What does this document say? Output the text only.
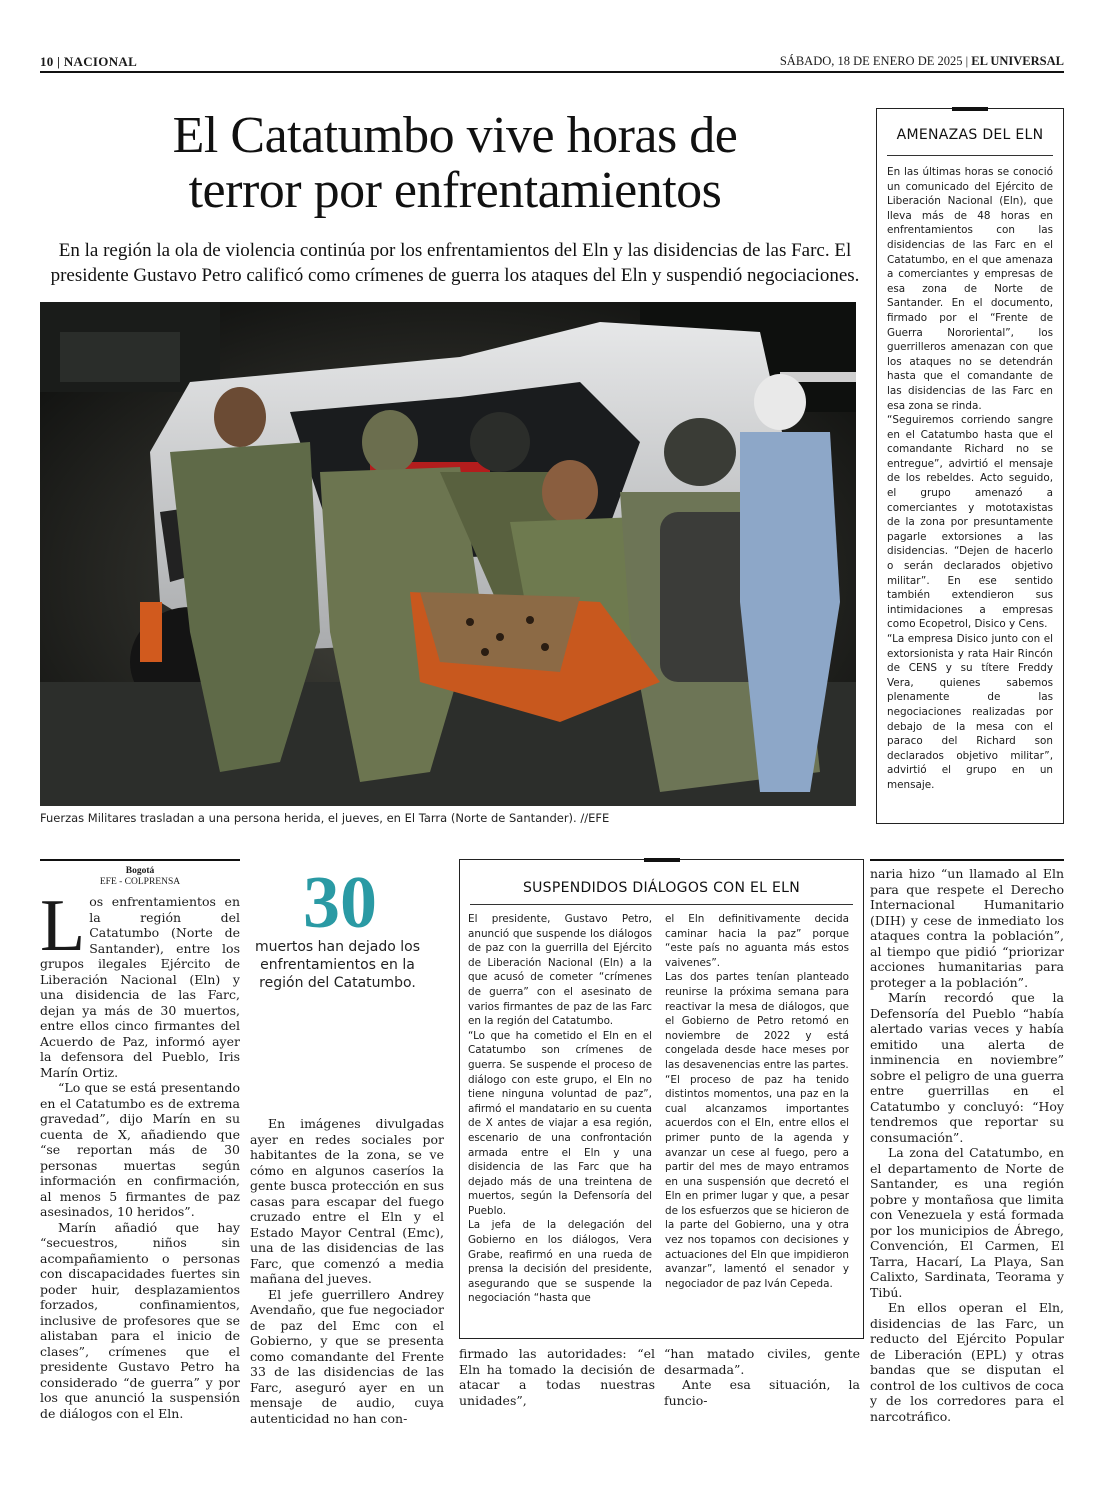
10 | NACIONAL	SÁBADO, 18 DE ENERO DE 2025 | EL UNIVERSAL
El Catatumbo vive horas de
terror por enfrentamientos
En la región la ola de violencia continúa por los enfrentamientos del Eln y las disidencias de las Farc. El
presidente Gustavo Petro calificó como crímenes de guerra los ataques del Eln y suspendió negociaciones.
Fuerzas Militares trasladan a una persona herida, el jueves, en El Tarra (Norte de Santander). //EFE
AMENAZAS DEL ELN

En las últimas horas se conoció un comunicado del Ejército de Liberación Nacional (Eln), que lleva más de 48 horas en enfrentamientos con las disidencias de las Farc en el Catatumbo, en el que amenaza a comerciantes y empresas de esa zona de Norte de Santander. En el documento, firmado por el “Frente de Guerra Nororiental”, los guerrilleros amenazan con que los ataques no se detendrán hasta que el comandante de las disidencias de las Farc en esa zona se rinda.

“Seguiremos corriendo sangre en el Catatumbo hasta que el comandante Richard no se entregue”, advirtió el mensaje de los rebeldes. Acto seguido, el grupo amenazó a comerciantes y mototaxistas de la zona por presuntamente pagarle extorsiones a las disidencias. “Dejen de hacerlo o serán declarados objetivo militar”. En ese sentido también extendieron sus intimidaciones a empresas como Ecopetrol, Disico y Cens.

“La empresa Disico junto con el extorsionista y rata Hair Rincón de CENS y su títere Freddy Vera, quienes sabemos plenamente de las negociaciones realizadas por debajo de la mesa con el paraco del Richard son declarados objetivo militar”, advirtió el grupo en un mensaje.

Bogotá
EFE - COLPRENSA

Los enfrentamientos en la región del Catatumbo (Norte de Santander), entre los grupos ilegales Ejército de Liberación Nacional (Eln) y una disidencia de las Farc, dejan ya más de 30 muertos, entre ellos cinco firmantes del Acuerdo de Paz, informó ayer la defensora del Pueblo, Iris Marín Ortiz.

“Lo que se está presentando en el Catatumbo es de extrema gravedad”, dijo Marín en su cuenta de X, añadiendo que “se reportan más de 30 personas muertas según información en confirmación, al menos 5 firmantes de paz asesinados, 10 heridos”.

Marín añadió que hay “secuestros, niños sin acompañamiento o personas con discapacidades fuertes sin poder huir, desplazamientos forzados, confinamientos, inclusive de profesores que se alistaban para el inicio de clases”, crímenes que el presidente Gustavo Petro ha considerado “de guerra” y por los que anunció la suspensión de diálogos con el Eln.

30
muertos han dejado los enfrentamientos en la región del Catatumbo.

En imágenes divulgadas ayer en redes sociales por habitantes de la zona, se ve cómo en algunos caseríos la gente busca protección en sus casas para escapar del fuego cruzado entre el Eln y el Estado Mayor Central (Emc), una de las disidencias de las Farc, que comenzó a media mañana del jueves.

El jefe guerrillero Andrey Avendaño, que fue negociador de paz del Emc con el Gobierno, y que se presenta como comandante del Frente 33 de las disidencias de las Farc, aseguró ayer en un mensaje de audio, cuya autenticidad no han con-

SUSPENDIDOS DIÁLOGOS CON EL ELN

El presidente, Gustavo Petro, anunció que suspende los diálogos de paz con la guerrilla del Ejército de Liberación Nacional (Eln) a la que acusó de cometer “crímenes de guerra” con el asesinato de varios firmantes de paz de las Farc en la región del Catatumbo.

“Lo que ha cometido el Eln en el Catatumbo son crímenes de guerra. Se suspende el proceso de diálogo con este grupo, el Eln no tiene ninguna voluntad de paz”, afirmó el mandatario en su cuenta de X antes de viajar a esa región, escenario de una confrontación armada entre el Eln y una disidencia de las Farc que ha dejado más de una treintena de muertos, según la Defensoría del Pueblo.

La jefa de la delegación del Gobierno en los diálogos, Vera Grabe, reafirmó en una rueda de prensa la decisión del presidente, asegurando que se suspende la negociación “hasta que

el Eln definitivamente decida caminar hacia la paz” porque “este país no aguanta más estos vaivenes”.

Las dos partes tenían planteado reunirse la próxima semana para reactivar la mesa de diálogos, que el Gobierno de Petro retomó en noviembre de 2022 y está congelada desde hace meses por las desavenencias entre las partes.

“El proceso de paz ha tenido distintos momentos, una paz en la cual alcanzamos importantes acuerdos con el Eln, entre ellos el primer punto de la agenda y avanzar un cese al fuego, pero a partir del mes de mayo entramos en una suspensión que decretó el Eln en primer lugar y que, a pesar de los esfuerzos que se hicieron de la parte del Gobierno, una y otra vez nos topamos con decisiones y actuaciones del Eln que impidieron avanzar”, lamentó el senador y negociador de paz Iván Cepeda.

firmado las autoridades: “el Eln ha tomado la decisión de atacar a todas nuestras unidades”,

“han matado civiles, gente desarmada”.

Ante esa situación, la funcio-

naria hizo “un llamado al Eln para que respete el Derecho Internacional Humanitario (DIH) y cese de inmediato los ataques contra la población”, al tiempo que pidió “priorizar acciones humanitarias para proteger a la población”.

Marín recordó que la Defensoría del Pueblo “había alertado varias veces y había emitido una alerta de inminencia en noviembre” sobre el peligro de una guerra entre guerrillas en el Catatumbo y concluyó: “Hoy tendremos que reportar su consumación”.

La zona del Catatumbo, en el departamento de Norte de Santander, es una región pobre y montañosa que limita con Venezuela y está formada por los municipios de Ábrego, Convención, El Carmen, El Tarra, Hacarí, La Playa, San Calixto, Sardinata, Teorama y Tibú.

En ellos operan el Eln, disidencias de las Farc, un reducto del Ejército Popular de Liberación (EPL) y otras bandas que se disputan el control de los cultivos de coca y de los corredores para el narcotráfico.
